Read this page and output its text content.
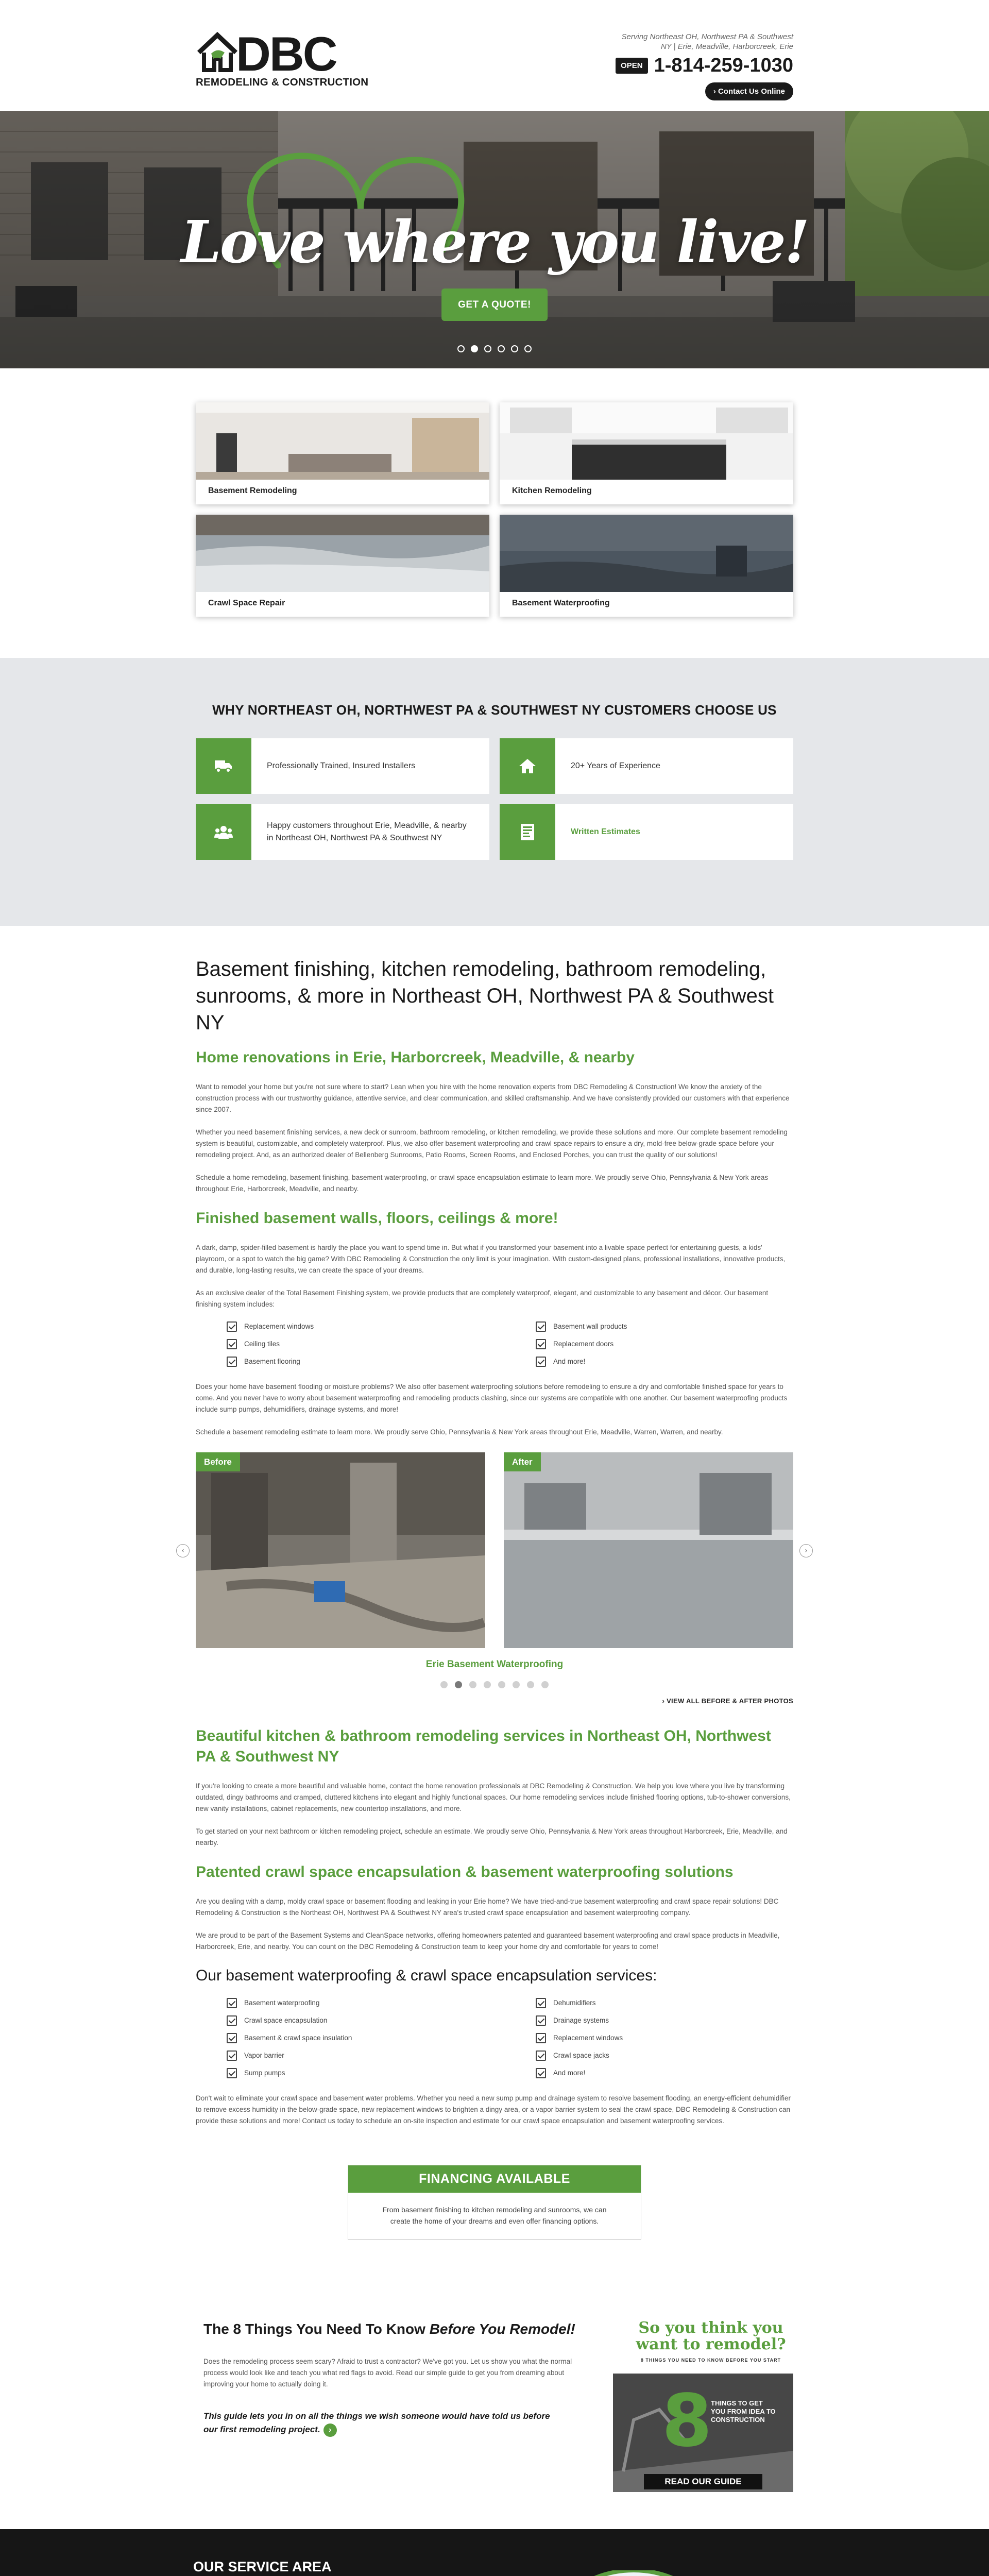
DBC
REMODELING & CONSTRUCTION
Serving Northeast OH, Northwest PA & Southwest NY | Erie, Meadville, Harborcreek, Erie
OPEN 1-814-259-1030
› Contact Us Online
Love where you live!
GET A QUOTE!
Basement Remodeling	Kitchen Remodeling
Crawl Space Repair	Basement Waterproofing
WHY NORTHEAST OH, NORTHWEST PA & SOUTHWEST NY CUSTOMERS CHOOSE US
Professionally Trained, Insured Installers	20+ Years of Experience
Happy customers throughout Erie, Meadville, & nearby in Northeast OH, Northwest PA & Southwest NY
Written Estimates
Basement finishing, kitchen remodeling, bathroom remodeling, sunrooms, & more in Northeast OH, Northwest PA & Southwest NY
Home renovations in Erie, Harborcreek, Meadville, & nearby

Want to remodel your home but you're not sure where to start? Lean when you hire with the home renovation experts from DBC Remodeling & Construction! We know the anxiety of the construction process with our trustworthy guidance, attentive service, and clear communication, and skilled craftsmanship. And we have consistently provided our customers with that experience since 2007.

Whether you need basement finishing services, a new deck or sunroom, bathroom remodeling, or kitchen remodeling, we provide these solutions and more. Our complete basement remodeling system is beautiful, customizable, and completely waterproof. Plus, we also offer basement waterproofing and crawl space repairs to ensure a dry, mold-free below-grade space before your remodeling project. And, as an authorized dealer of Bellenberg Sunrooms, Patio Rooms, Screen Rooms, and Enclosed Porches, you can trust the quality of our solutions!

Schedule a home remodeling, basement finishing, basement waterproofing, or crawl space encapsulation estimate to learn more. We proudly serve Ohio, Pennsylvania & New York areas throughout Erie, Harborcreek, Meadville, and nearby.

Finished basement walls, floors, ceilings & more!

A dark, damp, spider-filled basement is hardly the place you want to spend time in. But what if you transformed your basement into a livable space perfect for entertaining guests, a kids' playroom, or a spot to watch the big game? With DBC Remodeling & Construction the only limit is your imagination. With custom-designed plans, professional installations, innovative products, and durable, long-lasting results, we can create the space of your dreams.

As an exclusive dealer of the Total Basement Finishing system, we provide products that are completely waterproof, elegant, and customizable to any basement and décor. Our basement finishing system includes:

Replacement windows	Basement wall products
Ceiling tiles	Replacement doors
Basement flooring	And more!

Does your home have basement flooding or moisture problems? We also offer basement waterproofing solutions before remodeling to ensure a dry and comfortable finished space for years to come. And you never have to worry about basement waterproofing and remodeling products clashing, since our systems are compatible with one another. Our basement waterproofing products include sump pumps, dehumidifiers, drainage systems, and more!

Schedule a basement remodeling estimate to learn more. We proudly serve Ohio, Pennsylvania & New York areas throughout Erie, Meadville, Warren, Warren, and nearby.

‹
Before	After
›
Erie Basement Waterproofing
› VIEW ALL BEFORE & AFTER PHOTOS
Beautiful kitchen & bathroom remodeling services in Northeast OH, Northwest PA & Southwest NY

If you're looking to create a more beautiful and valuable home, contact the home renovation professionals at DBC Remodeling & Construction. We help you love where you live by transforming outdated, dingy bathrooms and cramped, cluttered kitchens into elegant and highly functional spaces. Our home remodeling services include finished flooring options, tub-to-shower conversions, new vanity installations, cabinet replacements, new countertop installations, and more.

To get started on your next bathroom or kitchen remodeling project, schedule an estimate. We proudly serve Ohio, Pennsylvania & New York areas throughout Harborcreek, Erie, Meadville, and nearby.

Patented crawl space encapsulation & basement waterproofing solutions

Are you dealing with a damp, moldy crawl space or basement flooding and leaking in your Erie home? We have tried-and-true basement waterproofing and crawl space repair solutions! DBC Remodeling & Construction is the Northeast OH, Northwest PA & Southwest NY area's trusted crawl space encapsulation and basement waterproofing company.

We are proud to be part of the Basement Systems and CleanSpace networks, offering homeowners patented and guaranteed basement waterproofing and crawl space products in Meadville, Harborcreek, Erie, and nearby. You can count on the DBC Remodeling & Construction team to keep your home dry and comfortable for years to come!

Our basement waterproofing & crawl space encapsulation services:
Basement waterproofing	Dehumidifiers
Crawl space encapsulation	Drainage systems
Basement & crawl space insulation	Replacement windows
Vapor barrier	Crawl space jacks
Sump pumps	And more!

Don't wait to eliminate your crawl space and basement water problems. Whether you need a new sump pump and drainage system to resolve basement flooding, an energy-efficient dehumidifier to remove excess humidity in the below-grade space, new replacement windows to brighten a dingy area, or a vapor barrier system to seal the crawl space, DBC Remodeling & Construction can provide these solutions and more! Contact us today to schedule an on-site inspection and estimate for our crawl space encapsulation and basement waterproofing services.

FINANCING AVAILABLE
From basement finishing to kitchen remodeling and sunrooms, we can create the home of your dreams and even offer financing options.
The 8 Things You Need To Know Before You Remodel!
Does the remodeling process seem scary? Afraid to trust a contractor? We've got you. Let us show you what the normal process would look like and teach you what red flags to avoid. Read our simple guide to get you from dreaming about improving your home to actually doing it.
This guide lets you in on all the things we wish someone would have told us before our first remodeling project. ›	8
So you think you want to remodel?
8 THINGS YOU NEED TO KNOW BEFORE YOU START
THINGS TO GET YOU FROM IDEA TO CONSTRUCTION
READ OUR GUIDE
OUR SERVICE AREA
